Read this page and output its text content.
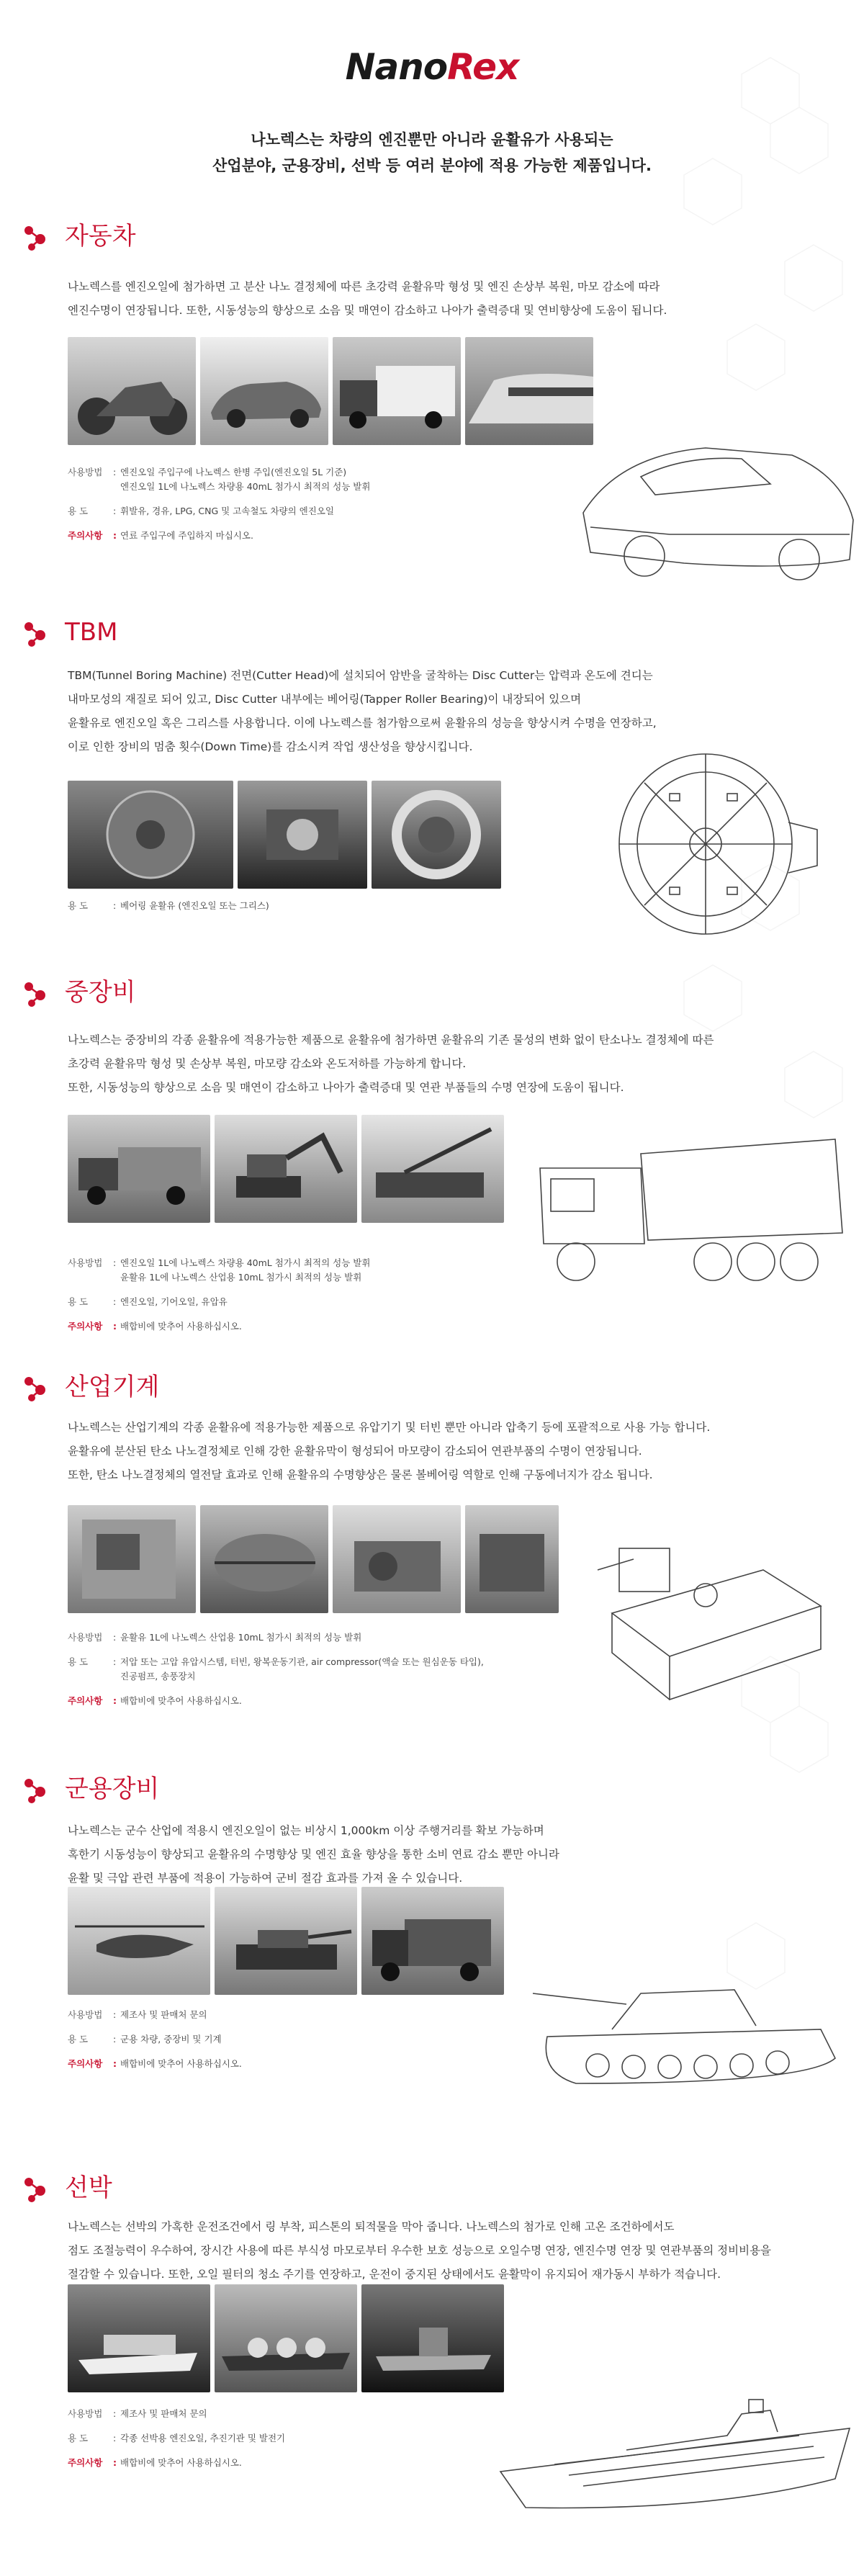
NanoRex
나노렉스는 차량의 엔진뿐만 아니라 윤활유가 사용되는
산업분야, 군용장비, 선박 등 여러 분야에 적용 가능한 제품입니다.
자동차
나노렉스를 엔진오일에 첨가하면 고 분산 나노 결정체에 따른 초강력 윤활유막 형성 및 엔진 손상부 복원, 마모 감소에 따라
엔진수명이 연장됩니다. 또한, 시동성능의 향상으로 소음 및 매연이 감소하고 나아가 출력증대 및 연비향상에 도움이 됩니다.
사용방법	: 엔진오일 주입구에 나노렉스 한병 주입(엔진오일 5L 기준)
엔진오일 1L에 나노렉스 차량용 40mL 첨가시 최적의 성능 발휘
용 도	: 휘발유, 경유, LPG, CNG 및 고속철도 차량의 엔진오일
주의사항	: 연료 주입구에 주입하지 마십시오.
TBM
TBM(Tunnel Boring Machine) 전면(Cutter Head)에 설치되어 암반을 굴착하는 Disc Cutter는 압력과 온도에 견디는
내마모성의 재질로 되어 있고, Disc Cutter 내부에는 베어링(Tapper Roller Bearing)이 내장되어 있으며
윤활유로 엔진오일 혹은 그리스를 사용합니다. 이에 나노렉스를 첨가함으로써 윤활유의 성능을 향상시켜 수명을 연장하고,
이로 인한 장비의 멈춤 횟수(Down Time)를 감소시켜 작업 생산성을 향상시킵니다.
용 도	: 베어링 윤활유 (엔진오일 또는 그리스)
중장비
나노렉스는 중장비의 각종 윤활유에 적용가능한 제품으로 윤활유에 첨가하면 윤활유의 기존 물성의 변화 없이 탄소나노 결정체에 따른
초강력 윤활유막 형성 및 손상부 복원, 마모량 감소와 온도저하를 가능하게 합니다.
또한, 시동성능의 향상으로 소음 및 매연이 감소하고 나아가 출력증대 및 연관 부품들의 수명 연장에 도움이 됩니다.
사용방법	: 엔진오일 1L에 나노렉스 차량용 40mL 첨가시 최적의 성능 발휘
윤활유 1L에 나노렉스 산업용 10mL 첨가시 최적의 성능 발휘
용 도	: 엔진오일, 기어오일, 유압유
주의사항	: 배합비에 맞추어 사용하십시오.
산업기계
나노렉스는 산업기계의 각종 윤활유에 적용가능한 제품으로 유압기기 및 터빈 뿐만 아니라 압축기 등에 포괄적으로 사용 가능 합니다.
윤활유에 분산된 탄소 나노결정체로 인해 강한 윤활유막이 형성되어 마모량이 감소되어 연관부품의 수명이 연장됩니다.
또한, 탄소 나노결정체의 열전달 효과로 인해 윤활유의 수명향상은 물론 볼베어링 역할로 인해 구동에너지가 감소 됩니다.
사용방법	: 윤활유 1L에 나노렉스 산업용 10mL 첨가시 최적의 성능 발휘
용 도	: 저압 또는 고압 유압시스템, 터빈, 왕복운동기관, air compressor(액슬 또는 원심운동 타입),
진공펌프, 송풍장치
주의사항	: 배합비에 맞추어 사용하십시오.
군용장비
나노렉스는 군수 산업에 적용시 엔진오일이 없는 비상시 1,000km 이상 주행거리를 확보 가능하며
혹한기 시동성능이 향상되고 윤활유의 수명향상 및 엔진 효율 향상을 통한 소비 연료 감소 뿐만 아니라
윤활 및 극압 관련 부품에 적용이 가능하여 군비 절감 효과를 가져 올 수 있습니다.
사용방법	: 제조사 및 판매처 문의
용 도	: 군용 차량, 중장비 및 기계
주의사항	: 배합비에 맞추어 사용하십시오.
선박
나노렉스는 선박의 가혹한 운전조건에서 링 부착, 피스톤의 퇴적물을 막아 줍니다. 나노렉스의 첨가로 인해 고온 조건하에서도
점도 조절능력이 우수하여, 장시간 사용에 따른 부식성 마모로부터 우수한 보호 성능으로 오일수명 연장, 엔진수명 연장 및 연관부품의 정비비용을
절감할 수 있습니다. 또한, 오일 필터의 청소 주기를 연장하고, 운전이 중지된 상태에서도 윤활막이 유지되어 재가동시 부하가 적습니다.
사용방법	: 제조사 및 판매처 문의
용 도	: 각종 선박용 엔진오일, 추진기관 및 발전기
주의사항	: 배합비에 맞추어 사용하십시오.
